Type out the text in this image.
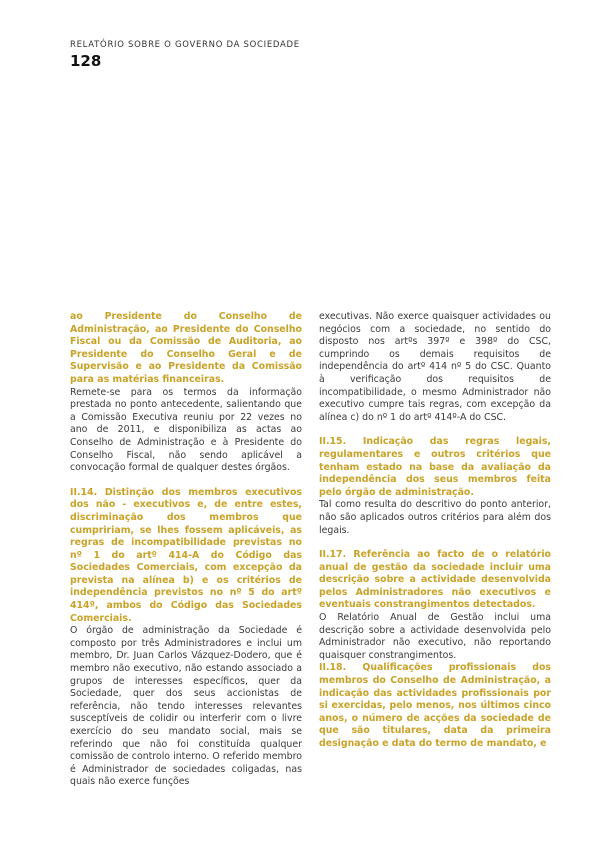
RELATÓRIO SOBRE O GOVERNO DA SOCIEDADE
128

ao Presidente do Conselho de Administração, ao Presidente do Conselho Fiscal ou da Comissão de Auditoria, ao Presidente do Conselho Geral e de Supervisão e ao Presidente da Comissão para as matérias financeiras.

Remete-se para os termos da informação prestada no ponto antecedente, salientando que a Comissão Executiva reuniu por 22 vezes no ano de 2011, e disponibiliza as actas ao Conselho de Administração e à Presidente do Conselho Fiscal, não sendo aplicável a convocação formal de qualquer destes órgãos.

II.14. Distinção dos membros executivos dos não - executivos e, de entre estes, discriminação dos membros que cumpririam, se lhes fossem aplicáveis, as regras de incompatibilidade previstas no nº 1 do artº 414-A do Código das Sociedades Comerciais, com excepção da prevista na alínea b) e os critérios de independência previstos no nº 5 do artº 414º, ambos do Código das Sociedades Comerciais.

O órgão de administração da Sociedade é composto por três Administradores e inclui um membro, Dr. Juan Carlos Vázquez-Dodero, que é membro não executivo, não estando associado a grupos de interesses específicos, quer da Sociedade, quer dos seus accionistas de referência, não tendo interesses relevantes susceptíveis de colidir ou interferir com o livre exercício do seu mandato social, mais se referindo que não foi constituída qualquer comissão de controlo interno. O referido membro é Administrador de sociedades coligadas, nas quais não exerce funções

executivas. Não exerce quaisquer actividades ou negócios com a sociedade, no sentido do disposto nos artºs 397º e 398º do CSC, cumprindo os demais requisitos de independência do artº 414 nº 5 do CSC. Quanto à verificação dos requisitos de incompatibilidade, o mesmo Administrador não executivo cumpre tais regras, com excepção da alínea c) do nº 1 do artº 414º-A do CSC.

II.15. Indicação das regras legais, regulamentares e outros critérios que tenham estado na base da avaliação da independência dos seus membros feita pelo órgão de administração.

Tal como resulta do descritivo do ponto anterior, não são aplicados outros critérios para além dos legais.

II.17. Referência ao facto de o relatório anual de gestão da sociedade incluir uma descrição sobre a actividade desenvolvida pelos Administradores não executivos e eventuais constrangimentos detectados.

O Relatório Anual de Gestão inclui uma descrição sobre a actividade desenvolvida pelo Administrador não executivo, não reportando quaisquer constrangimentos.

II.18. Qualificações profissionais dos membros do Conselho de Administração, a indicação das actividades profissionais por si exercidas, pelo menos, nos últimos cinco anos, o número de acções da sociedade de que são titulares, data da primeira designação e data do termo de mandato, e
